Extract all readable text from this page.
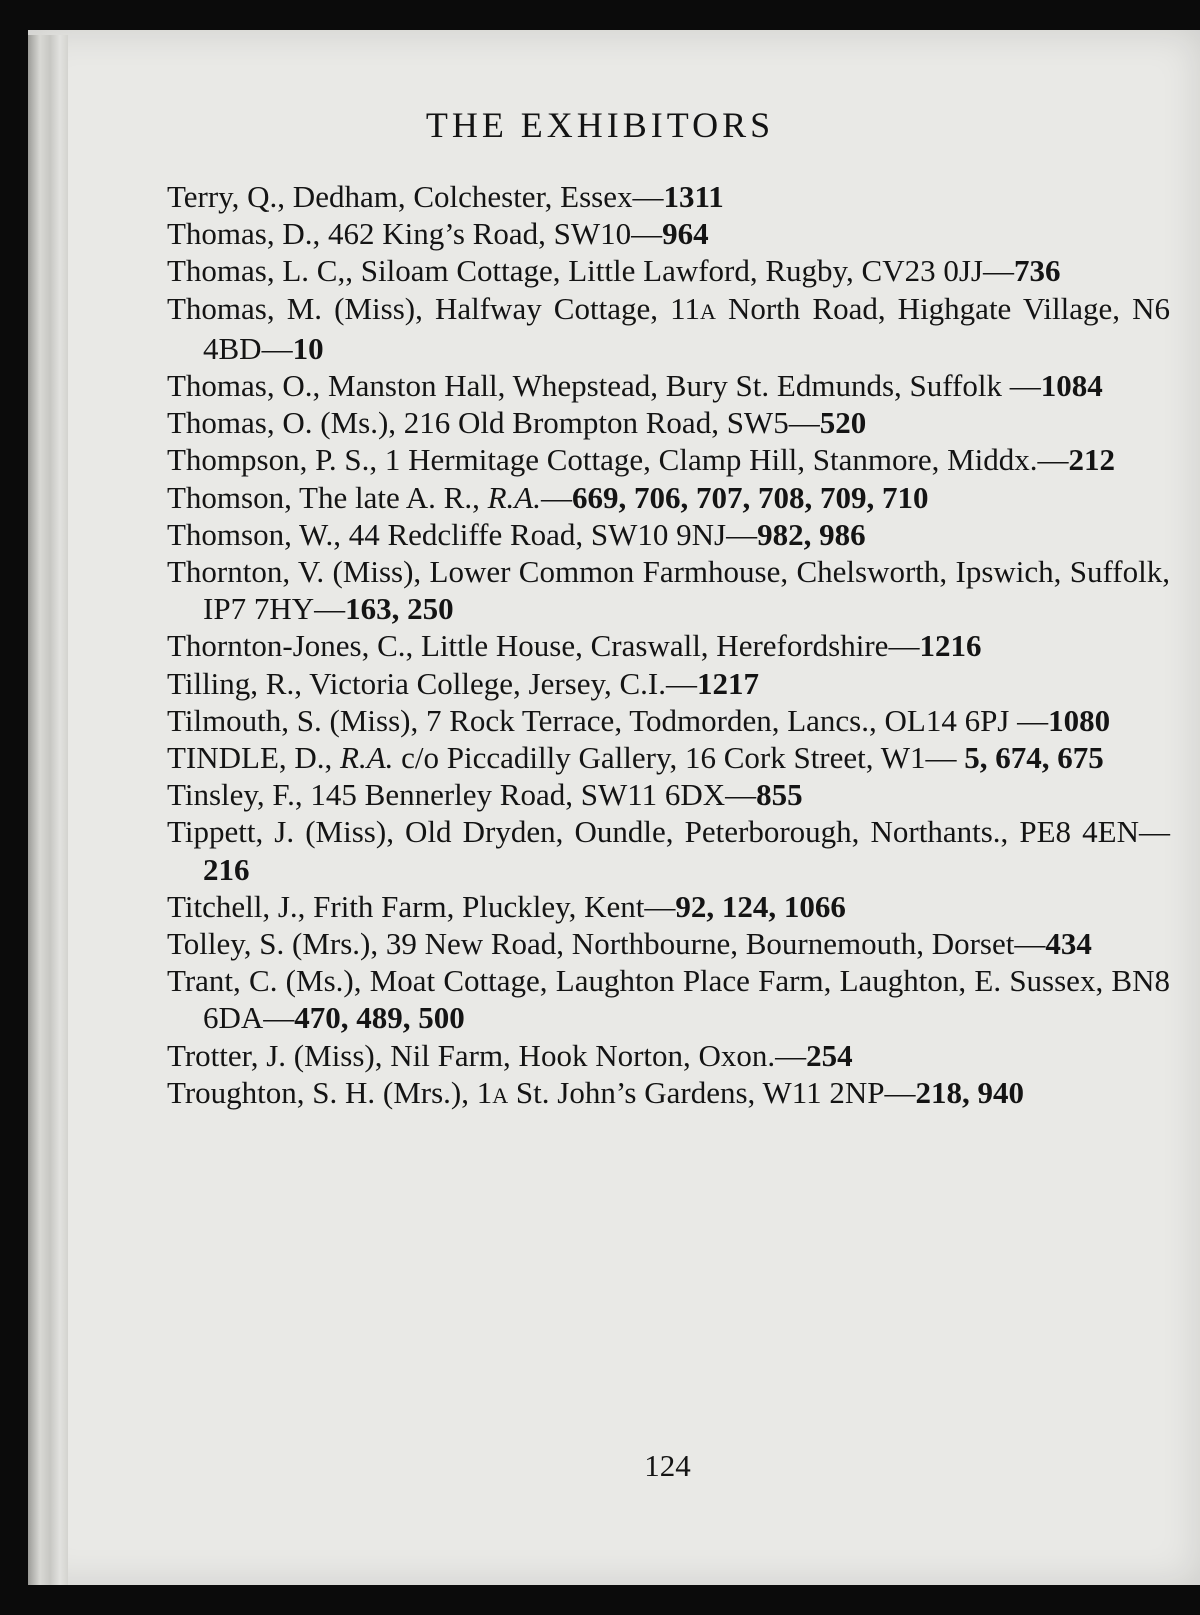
THE EXHIBITORS
Terry, Q., Dedham, Colchester, Essex—1311
Thomas, D., 462 King’s Road, SW10—964
Thomas, L. C,, Siloam Cottage, Little Lawford, Rugby, CV23 0JJ—736
Thomas, M. (Miss), Halfway Cottage, 11A North Road, Highgate Village, N6 4BD—10
Thomas, O., Manston Hall, Whepstead, Bury St. Edmunds, Suffolk —1084
Thomas, O. (Ms.), 216 Old Brompton Road, SW5—520
Thompson, P. S., 1 Hermitage Cottage, Clamp Hill, Stanmore, Middx.—212
Thomson, The late A. R., R.A.—669, 706, 707, 708, 709, 710
Thomson, W., 44 Redcliffe Road, SW10 9NJ—982, 986
Thornton, V. (Miss), Lower Common Farmhouse, Chelsworth, Ipswich, Suffolk, IP7 7HY—163, 250
Thornton-Jones, C., Little House, Craswall, Herefordshire—1216
Tilling, R., Victoria College, Jersey, C.I.—1217
Tilmouth, S. (Miss), 7 Rock Terrace, Todmorden, Lancs., OL14 6PJ —1080
TINDLE, D., R.A. c/o Piccadilly Gallery, 16 Cork Street, W1— 5, 674, 675
Tinsley, F., 145 Bennerley Road, SW11 6DX—855
Tippett, J. (Miss), Old Dryden, Oundle, Peterborough, Northants., PE8 4EN—216
Titchell, J., Frith Farm, Pluckley, Kent—92, 124, 1066
Tolley, S. (Mrs.), 39 New Road, Northbourne, Bournemouth, Dorset—434
Trant, C. (Ms.), Moat Cottage, Laughton Place Farm, Laughton, E. Sussex, BN8 6DA—470, 489, 500
Trotter, J. (Miss), Nil Farm, Hook Norton, Oxon.—254
Troughton, S. H. (Mrs.), 1A St. John’s Gardens, W11 2NP—218, 940
124
